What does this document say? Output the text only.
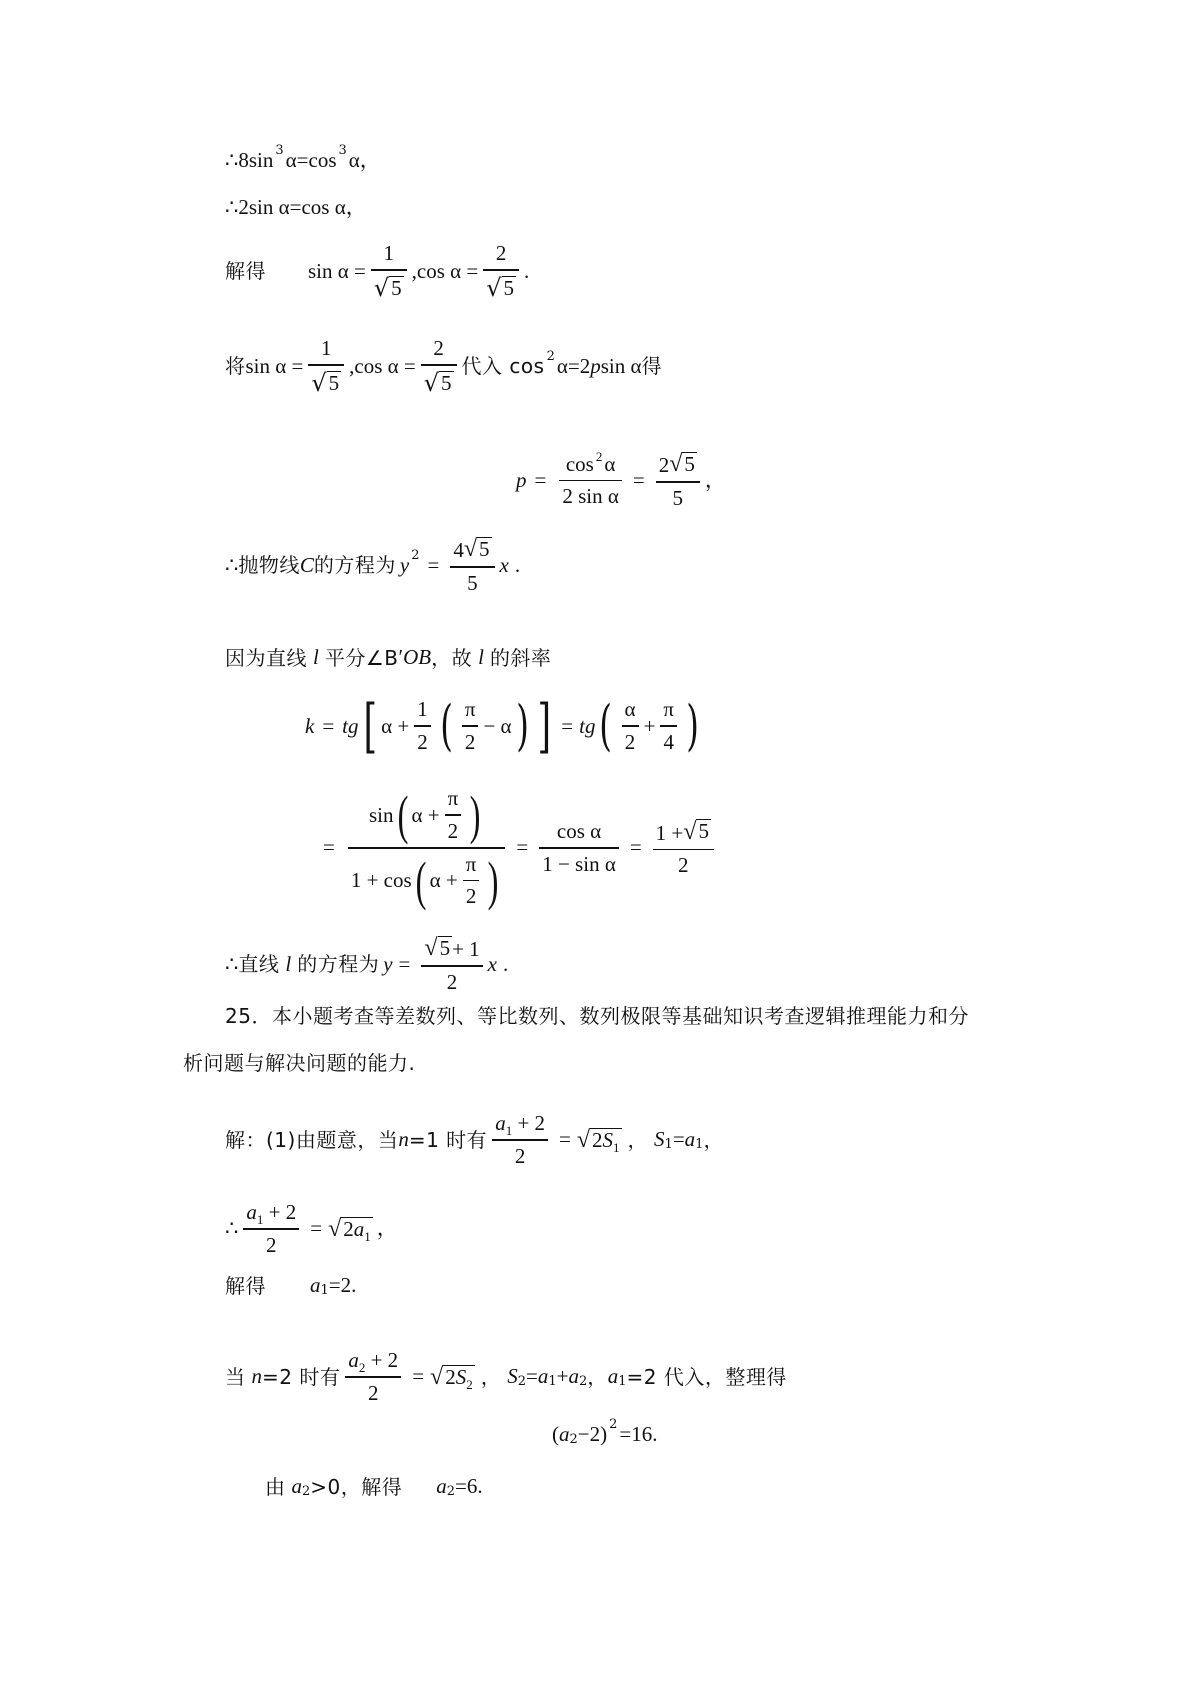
∴ 8sin 3 α=cos 3 α，
∴ 2sin α=cos α，
解得 $\sin \alpha = \frac{1}{√ 5} ,\cos$ $\alpha = \frac{2}{√ 5}$ .
将 $\sin \alpha = \frac{1}{√ 5} ,\cos$ $\alpha = \frac{2}{√ 5}$ 代入 cos 2 α=2 p sin α 得
$p = \frac{\cos ^2\alpha}{\text{2 sin α}} = \frac{2 √ 5}{5}$ ，
∴ 抛物线 C 的方程为 y $2 = \frac{4 √ 5}{5}$ x .
因为直线 l 平分∠B ′ OB ，故 l 的斜率
k = tg [ $\alpha + \frac{1}{2}$ ( $\frac{\pi}{2} - \alpha$ ) ] = tg ( $\frac{\alpha}{2} + \frac{\pi}{4}$ )
= $\frac{\sin ( \alpha + \frac{\pi}{2} )}{1 + \cos ( \alpha + \frac{\pi}{2} )} = \frac{\text{cos α}}{\text{1 − sin α}} = \frac{1 + √ 5}{2}$
∴ 直线 l 的方程为 $y = \frac{√ 5 + 1}{2}$ x .
25．本小题考查等差数列、等比数列、数列极限等基础知识考查逻辑推理能力和分
析问题与解决问题的能力.
解：(1)由题意，当 n =1 时有 $\frac{a_1 + 2}{2}$ = √ $2S_1$ ， S 1 = a 1 ，
∴ $\frac{a_1 + 2}{2}$ = √ $2a_1$ ，
解得 a 1 =2.
当 n =2 时有 $\frac{a_2 + 2}{2}$ = √ $2S_2$ ， S 2 = a 1 + a 2 ， a 1 =2 代入，整理得
( a 2 −2) 2 =16.
由 a 2 >0，解得 a 2 =6.
